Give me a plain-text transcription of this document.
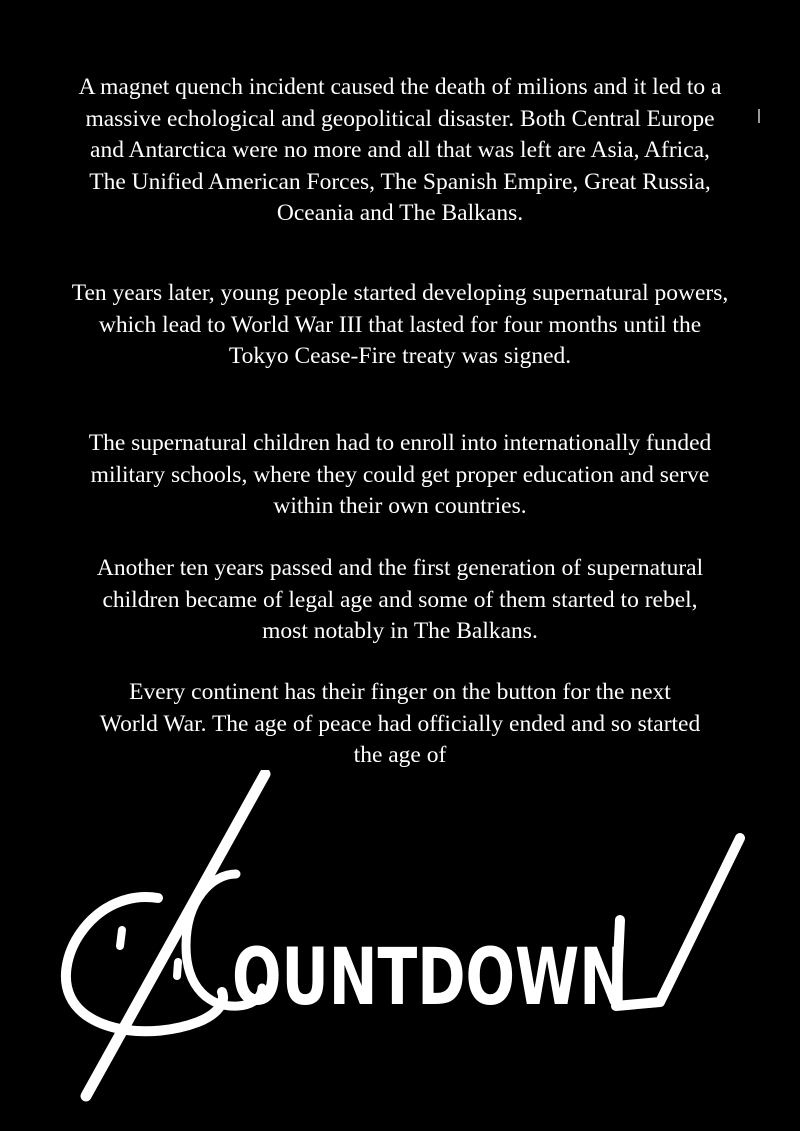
A magnet quench incident caused the death of milions and it led to a
massive echological and geopolitical disaster. Both Central Europe
and Antarctica were no more and all that was left are Asia, Africa,
The Unified American Forces, The Spanish Empire, Great Russia,
Oceania and The Balkans.

Ten years later, young people started developing supernatural powers,
which lead to World War III that lasted for four months until the
Tokyo Cease-Fire treaty was signed.

The supernatural children had to enroll into internationally funded
military schools, where they could get proper education and serve
within their own countries.

Another ten years passed and the first generation of supernatural
children became of legal age and some of them started to rebel,
most notably in The Balkans.

Every continent has their finger on the button for the next
World War. The age of peace had officially ended and so started
the age of

OUNTDOWN
